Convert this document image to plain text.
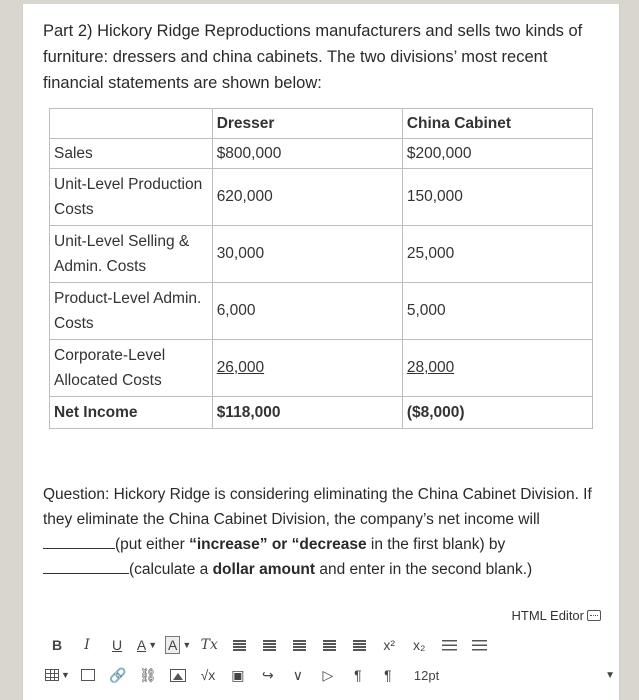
Part 2) Hickory Ridge Reproductions manufacturers and sells two kinds of furniture: dressers and china cabinets. The two divisions’ most recent financial statements are shown below:

	Dresser	China Cabinet
Sales	$800,000	$200,000
Unit-Level Production Costs	620,000	150,000
Unit-Level Selling & Admin. Costs	30,000	25,000
Product-Level Admin. Costs	6,000	5,000
Corporate-Level Allocated Costs	26,000	28,000
Net Income	$118,000	($8,000)
Question: Hickory Ridge is considering eliminating the China Cabinet Division. If they eliminate the China Cabinet Division, the company’s net income will(put either “increase” or “decrease in the first blank) by
(calculate a dollar amount and enter in the second blank.)
HTML Editor
B	I	U	A ▼ A ▼ Tx	x²	x₂
▼	🔗 ⛓	√x	▣	↪	∨	▷	¶	¶	12pt	▼
